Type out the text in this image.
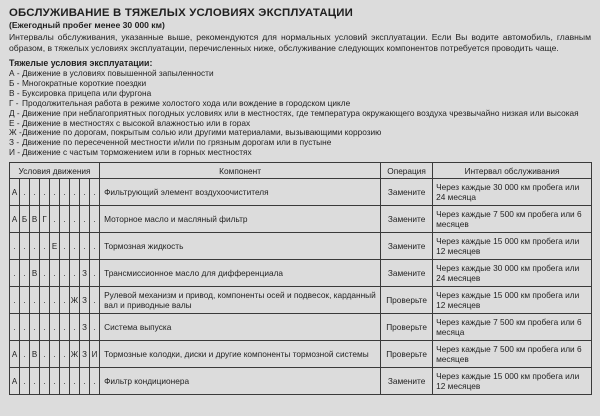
ОБСЛУЖИВАНИЕ В ТЯЖЕЛЫХ УСЛОВИЯХ ЭКСПЛУАТАЦИИ

(Ежегодный пробег менее 30 000 км)

Интервалы обслуживания, указанные выше, рекомендуются для нормальных условий эксплуатации. Если Вы водите автомобиль, главным образом, в тяжелых условиях эксплуатации, перечисленных ниже, обслуживание следующих компонентов потребуется проводить чаще.

Тяжелые условия эксплуатации:

А - Движение в условиях повышенной запыленности
Б - Многократные короткие поездки
В - Буксировка прицепа или фургона
Г - Продолжительная работа в режиме холостого хода или вождение в городском цикле
Д - Движение при неблагоприятных погодных условиях или в местностях, где температура окружающего воздуха чрезвычайно низкая или высокая
Е - Движение в местностях с высокой влажностью или в горах
Ж - Движение по дорогам, покрытым солью или другими материалами, вызывающими коррозию
З - Движение по пересеченной местности и/или по грязным дорогам или в пустыне
И - Движение с частым торможением или в горных местностях
Условия движения									Компонент	Операция	Интервал обслуживания
А	.	.	.	.	.	.	.	.	Фильтрующий элемент воздухоочистителя	Замените	Через каждые 30 000 км пробега или 24 месяца
А	Б	В	Г	.	.	.	.	.	Моторное масло и масляный фильтр	Замените	Через каждые 7 500 км пробега или 6 месяцев
.	.	.	.	Е	.	.	.	.	Тормозная жидкость	Замените	Через каждые 15 000 км пробега или 12 месяцев
.	.	В	.	.	.	.	З	.	Трансмиссионное масло для дифференциала	Замените	Через каждые 30 000 км пробега или 24 месяцев
.	.	.	.	.	.	Ж	З	.	Рулевой механизм и привод, компоненты осей и подвесок, карданный вал и приводные валы	Проверьте	Через каждые 15 000 км пробега или 12 месяцев
.	.	.	.	.	.	.	З	.	Система выпуска	Проверьте	Через каждые 7 500 км пробега или 6 месяца
А	.	В	.	.	.	Ж	З	И	Тормозные колодки, диски и другие компоненты тормозной системы	Проверьте	Через каждые 7 500 км пробега или 6 месяцев
А	.	.	.	.	.	.	.	.	Фильтр кондиционера	Замените	Через каждые 15 000 км пробега или 12 месяцев
